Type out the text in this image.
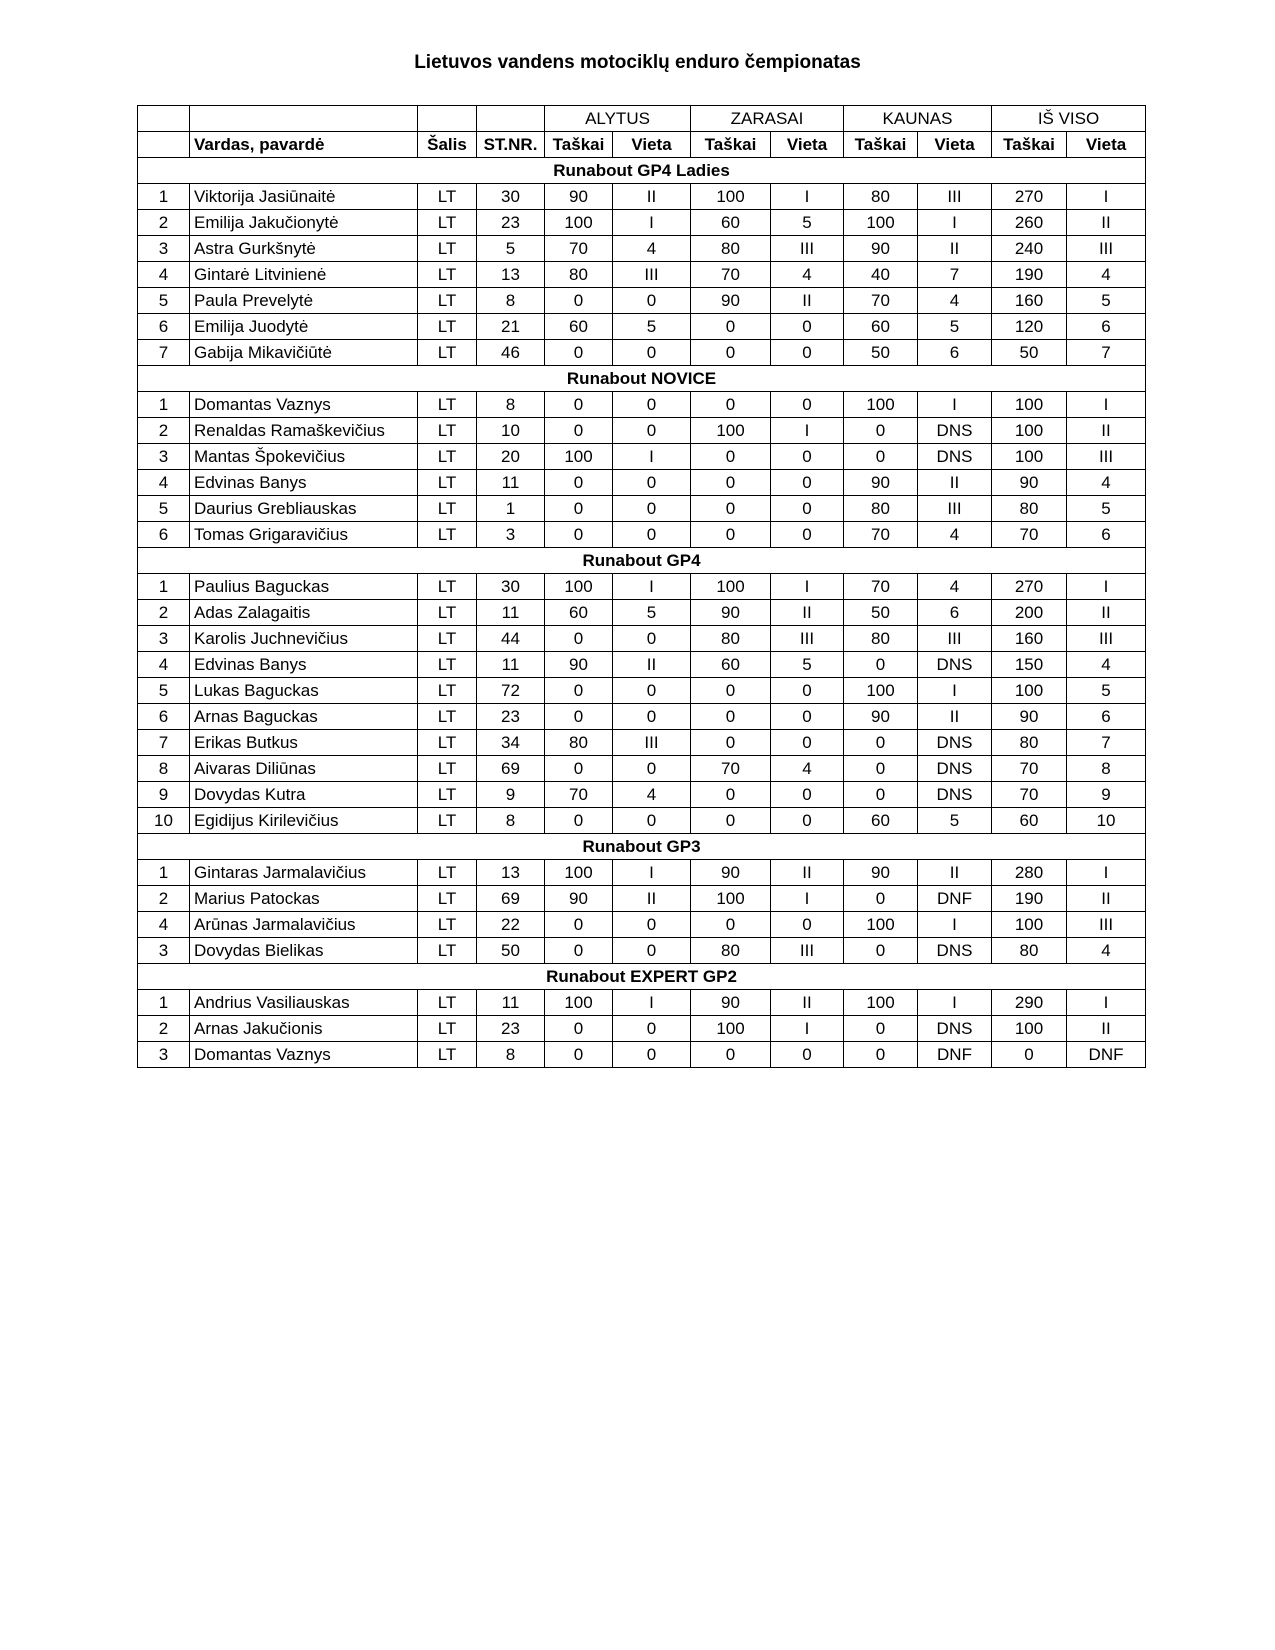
Lietuvos vandens motociklų enduro čempionatas
				ALYTUS		ZARASAI		KAUNAS		IŠ VISO	
	Vardas, pavardė	Šalis	ST.NR.	Taškai	Vieta	Taškai	Vieta	Taškai	Vieta	Taškai	Vieta
Runabout GP4 Ladies											
1	Viktorija Jasiūnaitė	LT	30	90	II	100	I	80	III	270	I
2	Emilija Jakučionytė	LT	23	100	I	60	5	100	I	260	II
3	Astra Gurkšnytė	LT	5	70	4	80	III	90	II	240	III
4	Gintarė Litvinienė	LT	13	80	III	70	4	40	7	190	4
5	Paula Prevelytė	LT	8	0	0	90	II	70	4	160	5
6	Emilija Juodytė	LT	21	60	5	0	0	60	5	120	6
7	Gabija Mikavičiūtė	LT	46	0	0	0	0	50	6	50	7
Runabout NOVICE											
1	Domantas Vaznys	LT	8	0	0	0	0	100	I	100	I
2	Renaldas Ramaškevičius	LT	10	0	0	100	I	0	DNS	100	II
3	Mantas Špokevičius	LT	20	100	I	0	0	0	DNS	100	III
4	Edvinas Banys	LT	11	0	0	0	0	90	II	90	4
5	Daurius Grebliauskas	LT	1	0	0	0	0	80	III	80	5
6	Tomas Grigaravičius	LT	3	0	0	0	0	70	4	70	6
Runabout GP4											
1	Paulius Baguckas	LT	30	100	I	100	I	70	4	270	I
2	Adas Zalagaitis	LT	11	60	5	90	II	50	6	200	II
3	Karolis Juchnevičius	LT	44	0	0	80	III	80	III	160	III
4	Edvinas Banys	LT	11	90	II	60	5	0	DNS	150	4
5	Lukas Baguckas	LT	72	0	0	0	0	100	I	100	5
6	Arnas Baguckas	LT	23	0	0	0	0	90	II	90	6
7	Erikas Butkus	LT	34	80	III	0	0	0	DNS	80	7
8	Aivaras Diliūnas	LT	69	0	0	70	4	0	DNS	70	8
9	Dovydas Kutra	LT	9	70	4	0	0	0	DNS	70	9
10	Egidijus Kirilevičius	LT	8	0	0	0	0	60	5	60	10
Runabout GP3											
1	Gintaras Jarmalavičius	LT	13	100	I	90	II	90	II	280	I
2	Marius Patockas	LT	69	90	II	100	I	0	DNF	190	II
4	Arūnas Jarmalavičius	LT	22	0	0	0	0	100	I	100	III
3	Dovydas Bielikas	LT	50	0	0	80	III	0	DNS	80	4
Runabout EXPERT GP2											
1	Andrius Vasiliauskas	LT	11	100	I	90	II	100	I	290	I
2	Arnas Jakučionis	LT	23	0	0	100	I	0	DNS	100	II
3	Domantas Vaznys	LT	8	0	0	0	0	0	DNF	0	DNF
